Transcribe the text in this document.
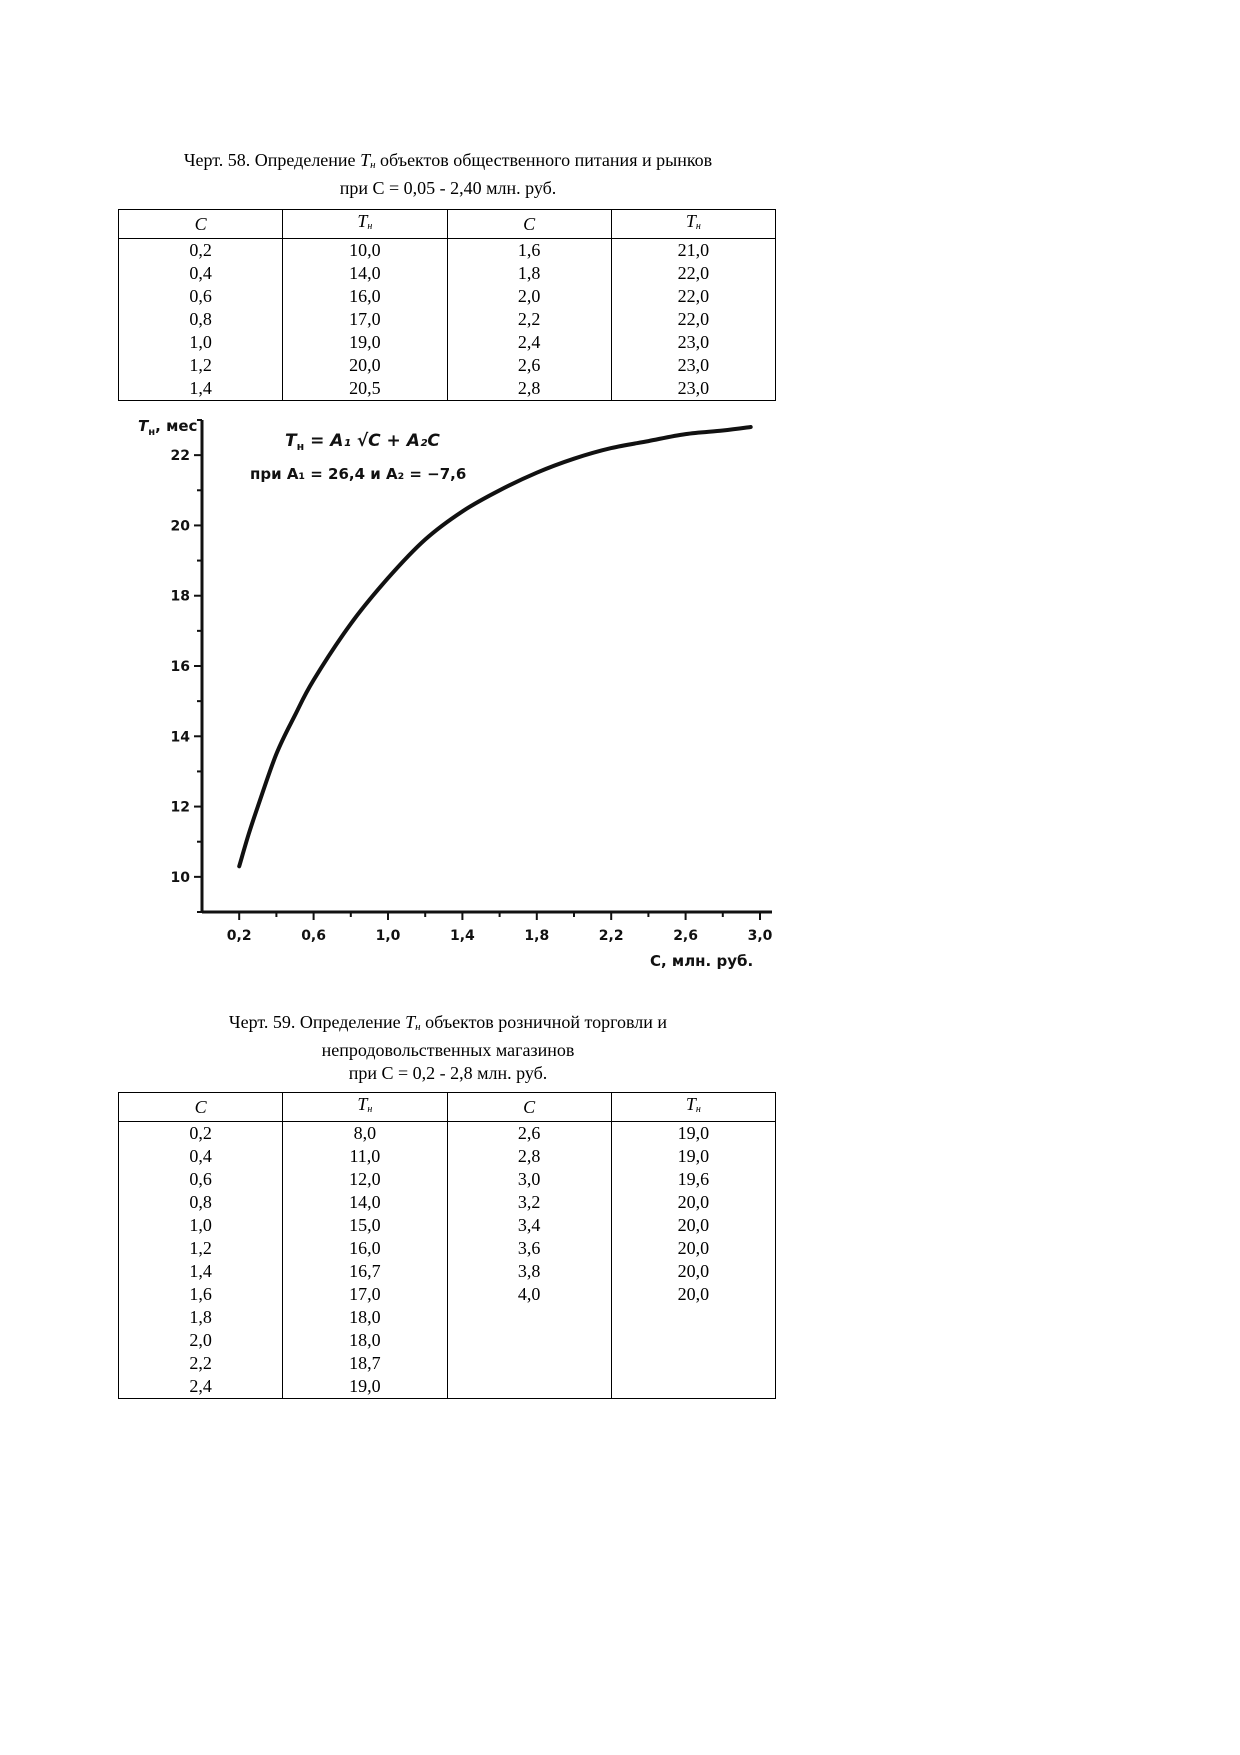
Черт. 58. Определение $T_н$ объектов общественного питания и рынков
при С = 0,05 - 2,40 млн. руб.
C	$T_н$	C	$T_н$
0,2	10,0	1,6	21,0
0,4	14,0	1,8	22,0
0,6	16,0	2,0	22,0
0,8	17,0	2,2	22,0
1,0	19,0	2,4	23,0
1,2	20,0	2,6	23,0
1,4	20,5	2,8	23,0
10
12
14
16
18
20
22
0,2	0,6	1,0	1,4	1,8	2,2	2,6	3,0
$T_н$, мес
$T_н = A_1$ √C + A₂C
при A₁ = 26,4 и A₂ = −7,6
C, млн. руб.
Черт. 59. Определение $T_н$ объектов розничной торговли и
непродовольственных магазинов
при С = 0,2 - 2,8 млн. руб.
C	$T_н$	C	$T_н$
0,2	8,0	2,6	19,0
0,4	11,0	2,8	19,0
0,6	12,0	3,0	19,6
0,8	14,0	3,2	20,0
1,0	15,0	3,4	20,0
1,2	16,0	3,6	20,0
1,4	16,7	3,8	20,0
1,6	17,0	4,0	20,0
1,8	18,0		
2,0	18,0		
2,2	18,7		
2,4	19,0		
